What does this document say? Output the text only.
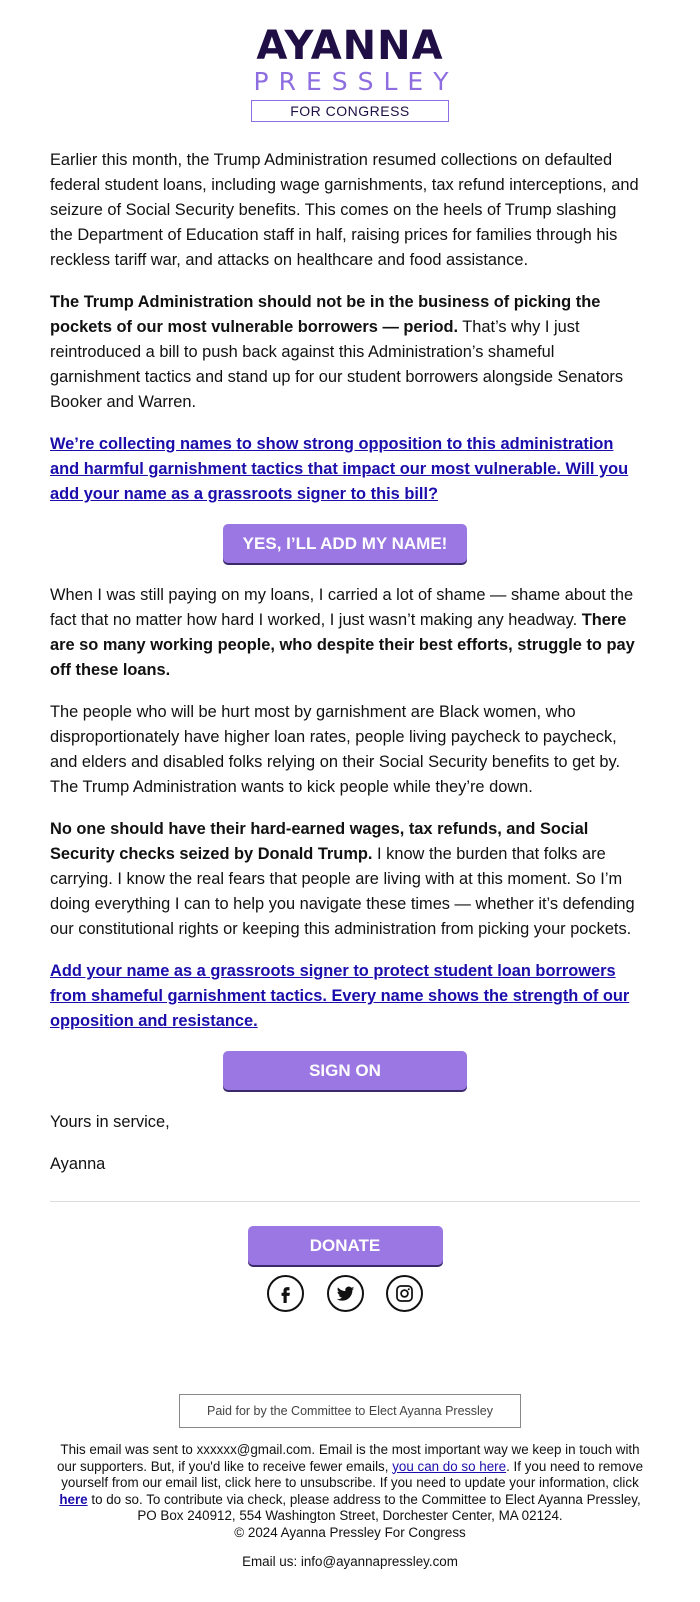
AYANNA
PRESSLEY
FOR CONGRESS

Earlier this month, the Trump Administration resumed collections on defaulted federal student loans, including wage garnishments, tax refund interceptions, and seizure of Social Security benefits. This comes on the heels of Trump slashing the Department of Education staff in half, raising prices for families through his reckless tariff war, and attacks on healthcare and food assistance.

The Trump Administration should not be in the business of picking the pockets of our most vulnerable borrowers — period. That’s why I just reintroduced a bill to push back against this Administration’s shameful garnishment tactics and stand up for our student borrowers alongside Senators Booker and Warren.

We’re collecting names to show strong opposition to this administration and harmful garnishment tactics that impact our most vulnerable. Will you add your name as a grassroots signer to this bill?

YES, I’LL ADD MY NAME!

When I was still paying on my loans, I carried a lot of shame — shame about the fact that no matter how hard I worked, I just wasn’t making any headway. There are so many working people, who despite their best efforts, struggle to pay off these loans.

The people who will be hurt most by garnishment are Black women, who disproportionately have higher loan rates, people living paycheck to paycheck, and elders and disabled folks relying on their Social Security benefits to get by. The Trump Administration wants to kick people while they’re down.

No one should have their hard-earned wages, tax refunds, and Social Security checks seized by Donald Trump. I know the burden that folks are carrying. I know the real fears that people are living with at this moment. So I’m doing everything I can to help you navigate these times — whether it’s defending our constitutional rights or keeping this administration from picking your pockets.

Add your name as a grassroots signer to protect student loan borrowers from shameful garnishment tactics. Every name shows the strength of our opposition and resistance.

SIGN ON
Yours in service,
Ayanna
DONATE

Paid for by the Committee to Elect Ayanna Pressley
This email was sent to xxxxxx@gmail.com. Email is the most important way we keep in touch with our supporters. But, if you'd like to receive fewer emails, you can do so here. If you need to remove yourself from our email list, click here to unsubscribe. If you need to update your information, click here to do so. To contribute via check, please address to the Committee to Elect Ayanna Pressley, PO Box 240912, 554 Washington Street, Dorchester Center, MA 02124.
© 2024 Ayanna Pressley For Congress
Email us: info@ayannapressley.com
